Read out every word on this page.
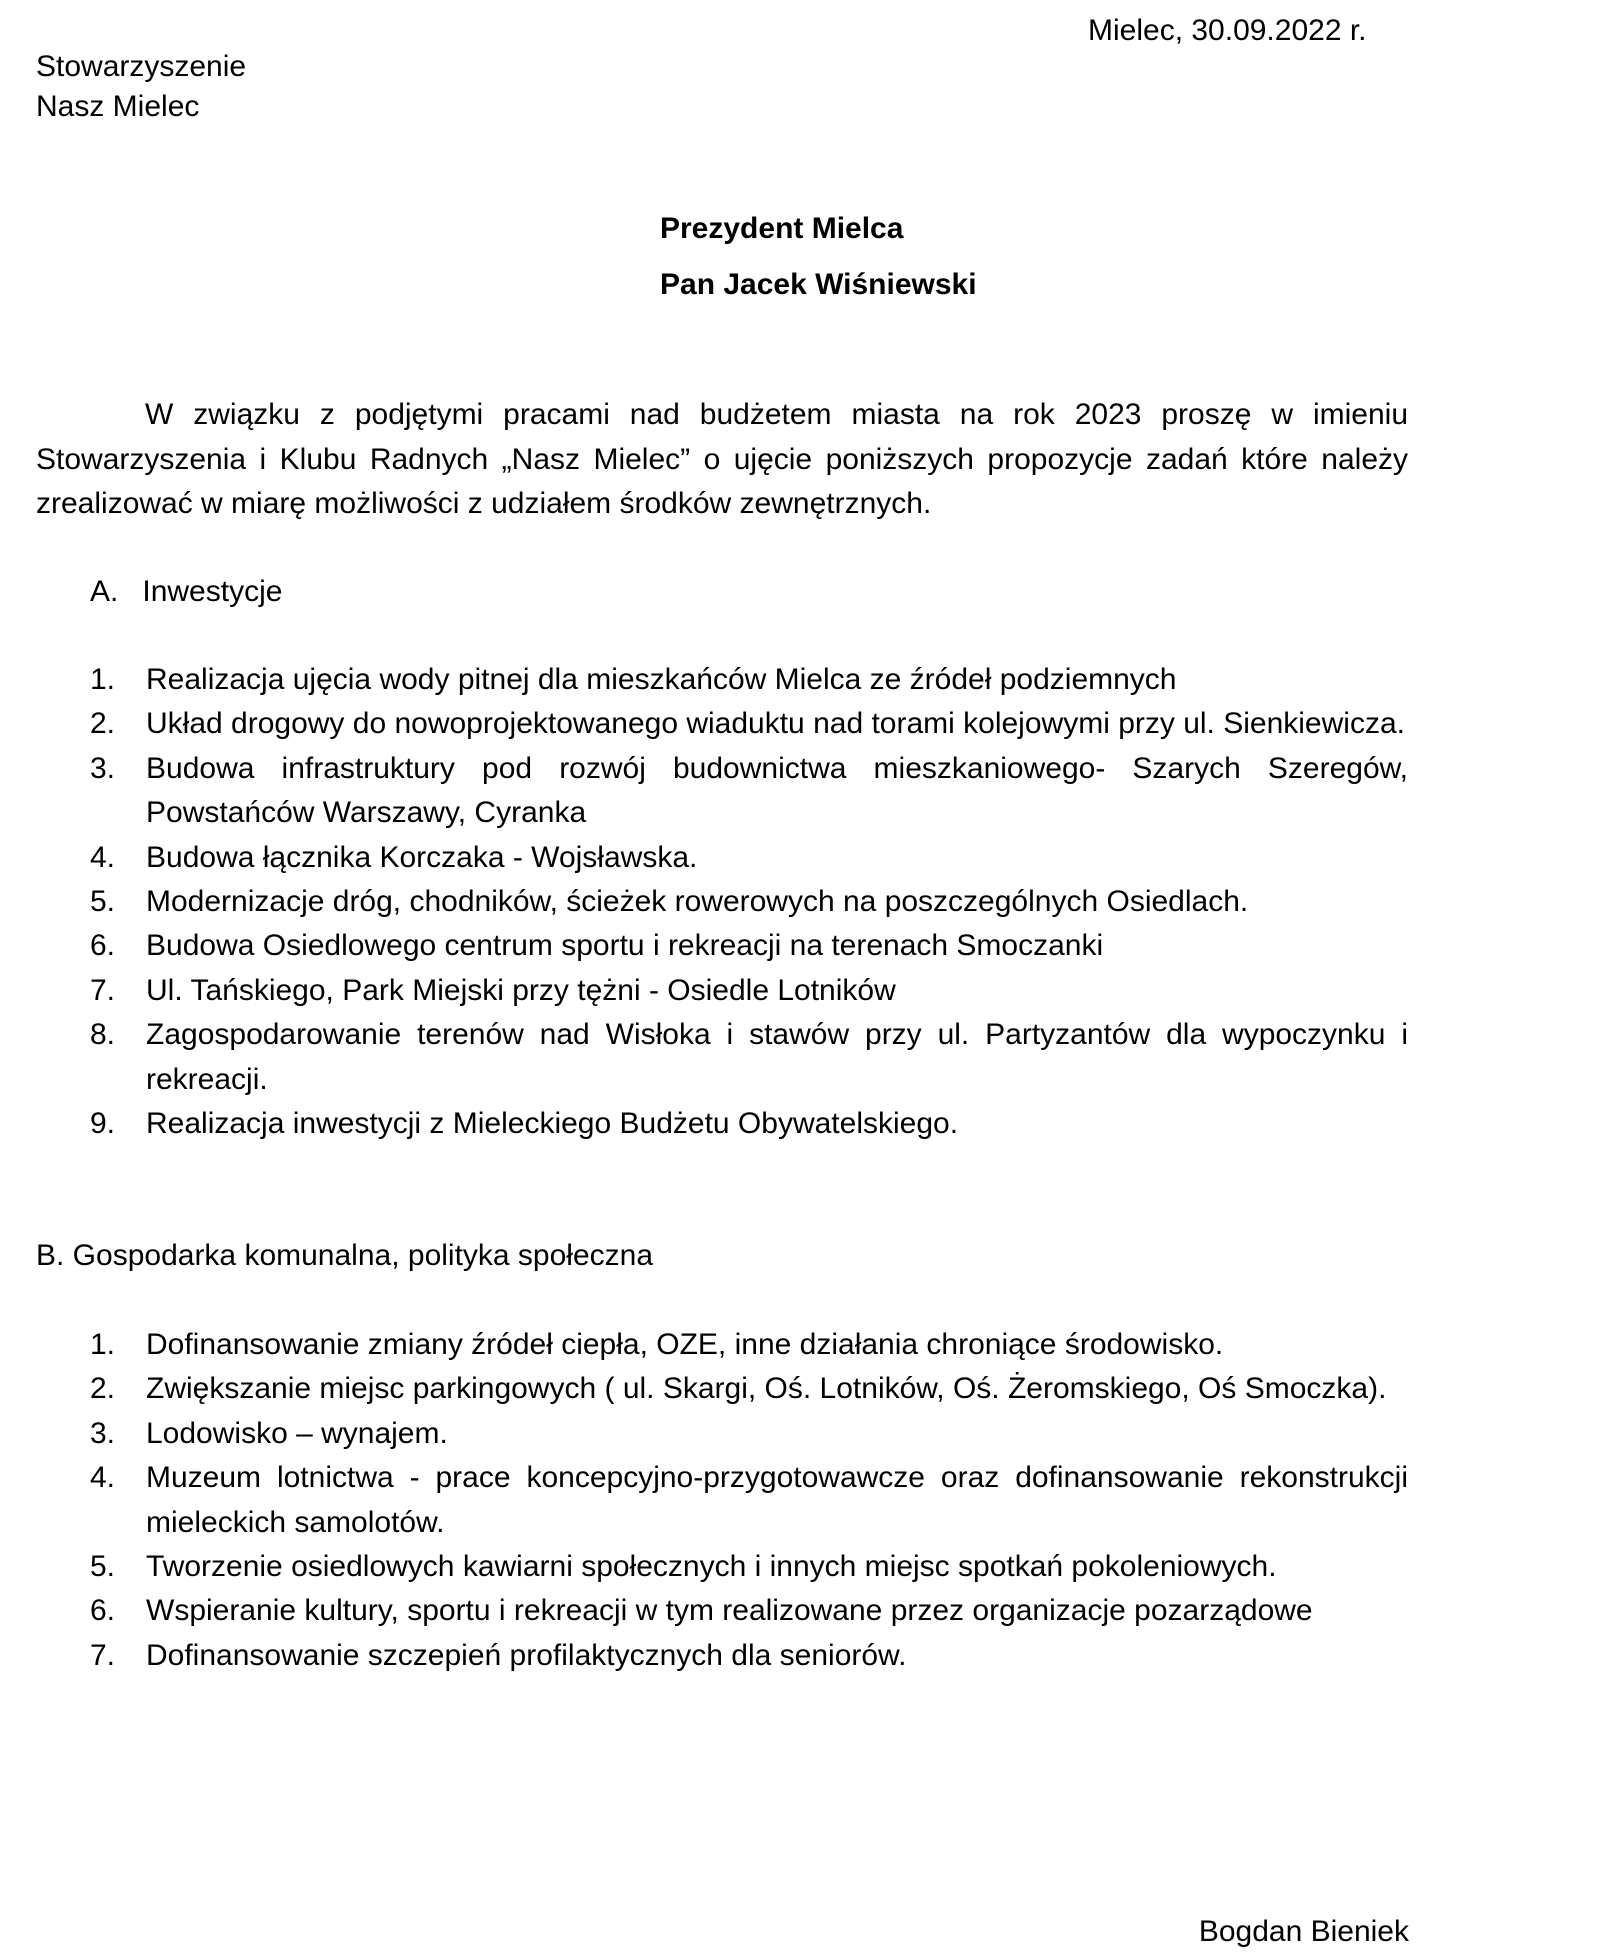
Mielec, 30.09.2022 r.
Stowarzyszenie
Nasz Mielec
Prezydent Mielca
Pan Jacek Wiśniewski

W związku z podjętymi pracami nad budżetem miasta na rok 2023 proszę w imieniu Stowarzyszenia i Klubu Radnych „Nasz Mielec” o ujęcie poniższych propozycje zadań które należy zrealizować w miarę możliwości z udziałem środków zewnętrznych.

A. Inwestycje
1. Realizacja ujęcia wody pitnej dla mieszkańców Mielca ze źródeł podziemnych
2. Układ drogowy do nowoprojektowanego wiaduktu nad torami kolejowymi przy ul. Sienkiewicza.
3. Budowa infrastruktury pod rozwój budownictwa mieszkaniowego- Szarych Szeregów, Powstańców Warszawy, Cyranka
4. Budowa łącznika Korczaka - Wojsławska.
5. Modernizacje dróg, chodników, ścieżek rowerowych na poszczególnych Osiedlach.
6. Budowa Osiedlowego centrum sportu i rekreacji na terenach Smoczanki
7. Ul. Tańskiego, Park Miejski przy tężni - Osiedle Lotników
8. Zagospodarowanie terenów nad Wisłoka i stawów przy ul. Partyzantów dla wypoczynku i rekreacji.
9. Realizacja inwestycji z Mieleckiego Budżetu Obywatelskiego.
B. Gospodarka komunalna, polityka społeczna
1. Dofinansowanie zmiany źródeł ciepła, OZE, inne działania chroniące środowisko.
2. Zwiększanie miejsc parkingowych ( ul. Skargi, Oś. Lotników, Oś. Żeromskiego, Oś Smoczka).
3. Lodowisko – wynajem.
4. Muzeum lotnictwa - prace koncepcyjno-przygotowawcze oraz dofinansowanie rekonstrukcji mieleckich samolotów.
5. Tworzenie osiedlowych kawiarni społecznych i innych miejsc spotkań pokoleniowych.
6. Wspieranie kultury, sportu i rekreacji w tym realizowane przez organizacje pozarządowe
7. Dofinansowanie szczepień profilaktycznych dla seniorów.
Bogdan Bieniek
